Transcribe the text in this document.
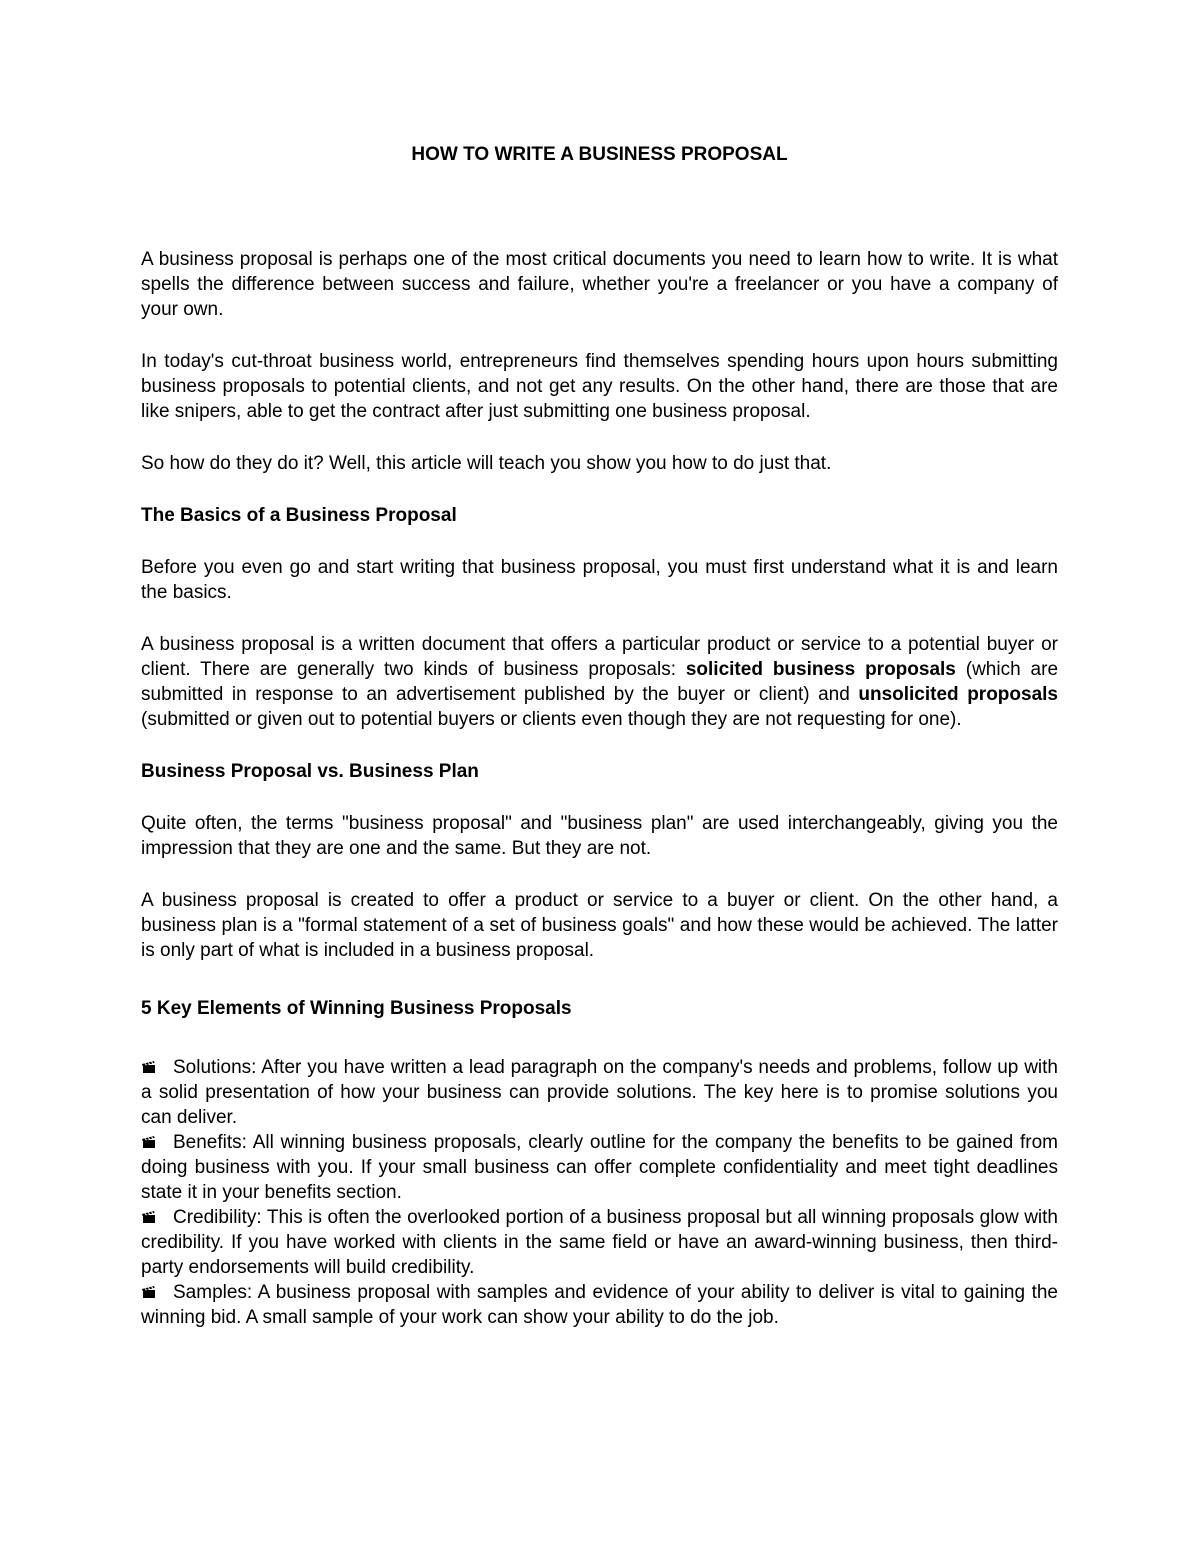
HOW TO WRITE A BUSINESS PROPOSAL

A business proposal is perhaps one of the most critical documents you need to learn how to write. It is what spells the difference between success and failure, whether you're a freelancer or you have a company of your own.

In today's cut-throat business world, entrepreneurs find themselves spending hours upon hours submitting business proposals to potential clients, and not get any results. On the other hand, there are those that are like snipers, able to get the contract after just submitting one business proposal.

So how do they do it? Well, this article will teach you show you how to do just that.

The Basics of a Business Proposal

Before you even go and start writing that business proposal, you must first understand what it is and learn the basics.

A business proposal is a written document that offers a particular product or service to a potential buyer or client. There are generally two kinds of business proposals: solicited business proposals (which are submitted in response to an advertisement published by the buyer or client) and unsolicited proposals (submitted or given out to potential buyers or clients even though they are not requesting for one).

Business Proposal vs. Business Plan

Quite often, the terms "business proposal" and "business plan" are used interchangeably, giving you the impression that they are one and the same. But they are not.

A business proposal is created to offer a product or service to a buyer or client. On the other hand, a business plan is a "formal statement of a set of business goals" and how these would be achieved. The latter is only part of what is included in a business proposal.

5 Key Elements of Winning Business Proposals
Solutions: After you have written a lead paragraph on the company's needs and problems, follow up with a solid presentation of how your business can provide solutions. The key here is to promise solutions you can deliver.
Benefits: All winning business proposals, clearly outline for the company the benefits to be gained from doing business with you. If your small business can offer complete confidentiality and meet tight deadlines state it in your benefits section.
Credibility: This is often the overlooked portion of a business proposal but all winning proposals glow with credibility. If you have worked with clients in the same field or have an award-winning business, then third-party endorsements will build credibility.
Samples: A business proposal with samples and evidence of your ability to deliver is vital to gaining the winning bid. A small sample of your work can show your ability to do the job.
